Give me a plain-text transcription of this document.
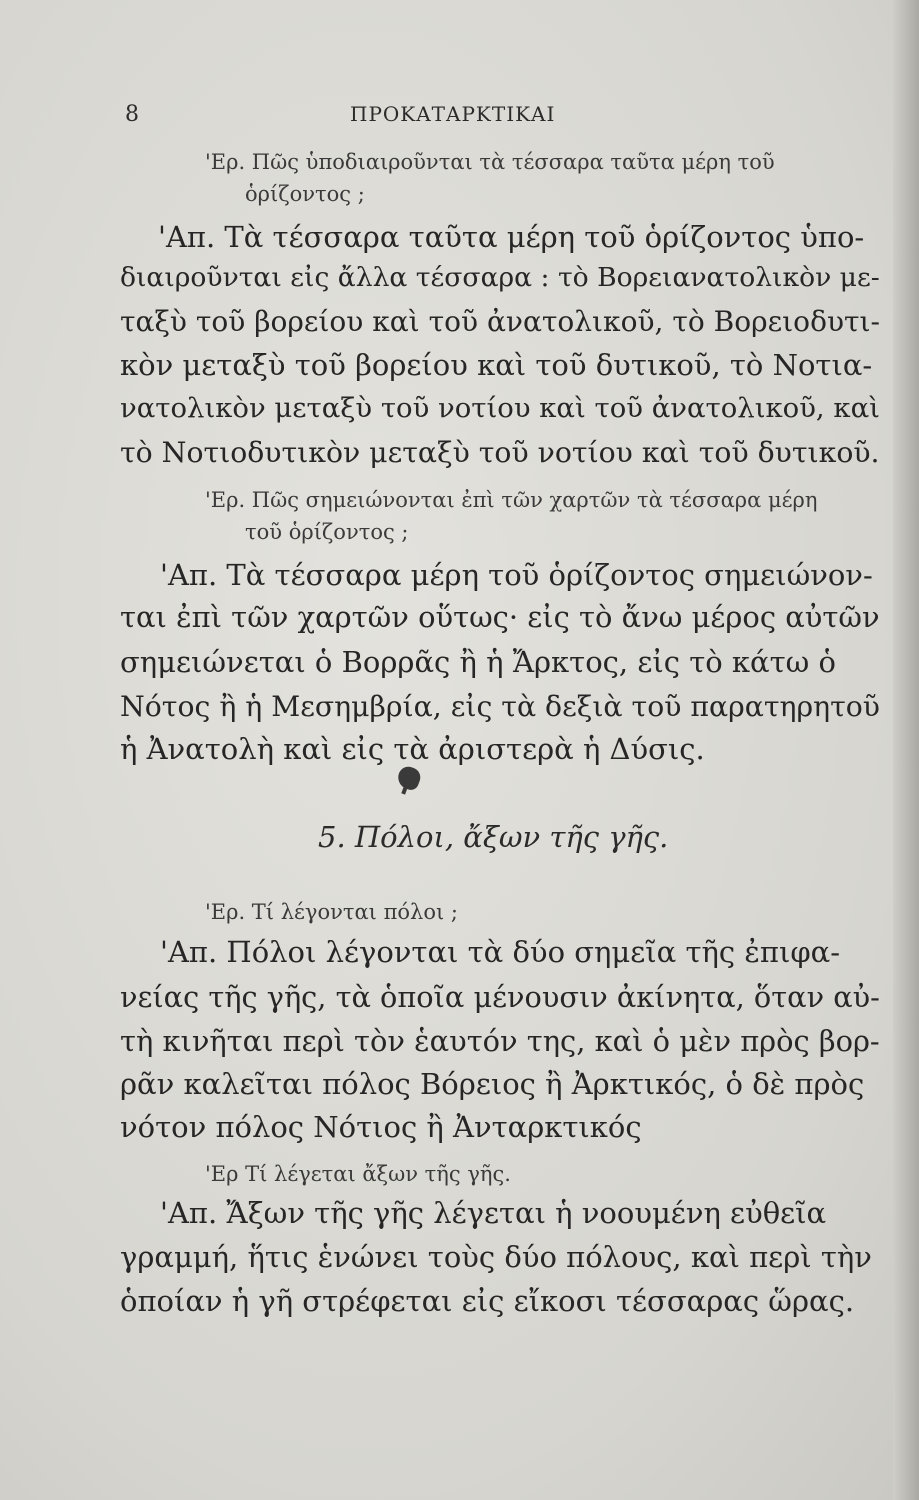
8	ΠΡΟΚΑΤΑΡΚΤΙΚΑΙ
'Ερ. Πῶς ὑποδιαιροῦνται τὰ τέσσαρα ταῦτα μέρη τοῦ
ὁρίζοντος ;
'Απ. Τὰ τέσσαρα ταῦτα μέρη τοῦ ὁρίζοντος ὑπο-
διαιροῦνται εἰς ἄλλα τέσσαρα : τὸ Βορειανατολικὸν με-
ταξὺ τοῦ βορείου καὶ τοῦ ἀνατολικοῦ, τὸ Βορειοδυτι-
κὸν μεταξὺ τοῦ βορείου καὶ τοῦ δυτικοῦ, τὸ Νοτια-
νατολικὸν μεταξὺ τοῦ νοτίου καὶ τοῦ ἀνατολικοῦ, καὶ
τὸ Νοτιοδυτικὸν μεταξὺ τοῦ νοτίου καὶ τοῦ δυτικοῦ.
'Ερ. Πῶς σημειώνονται ἐπὶ τῶν χαρτῶν τὰ τέσσαρα μέρη
τοῦ ὁρίζοντος ;
'Απ. Τὰ τέσσαρα μέρη τοῦ ὁρίζοντος σημειώνον-
ται ἐπὶ τῶν χαρτῶν οὕτως· εἰς τὸ ἄνω μέρος αὐτῶν
σημειώνεται ὁ Βορρᾶς ἢ ἡ Ἄρκτος, εἰς τὸ κάτω ὁ
Νότος ἢ ἡ Μεσημβρία, εἰς τὰ δεξιὰ τοῦ παρατηρητοῦ
ἡ Ἀνατολὴ καὶ εἰς τὰ ἀριστερὰ ἡ Δύσις.
5. Πόλοι, ἄξων τῆς γῆς.
'Ερ. Τί λέγονται πόλοι ;
'Απ. Πόλοι λέγονται τὰ δύο σημεῖα τῆς ἐπιφα-
νείας τῆς γῆς, τὰ ὁποῖα μένουσιν ἀκίνητα, ὅταν αὐ-
τὴ κινῆται περὶ τὸν ἑαυτόν της, καὶ ὁ μὲν πρὸς βορ-
ρᾶν καλεῖται πόλος Βόρειος ἢ Ἀρκτικός, ὁ δὲ πρὸς
νότον πόλος Νότιος ἢ Ἀνταρκτικός
'Ερ Τί λέγεται ἄξων τῆς γῆς.
'Απ. Ἄξων τῆς γῆς λέγεται ἡ νοουμένη εὐθεῖα
γραμμή, ἥτις ἑνώνει τοὺς δύο πόλους, καὶ περὶ τὴν
ὁποίαν ἡ γῆ στρέφεται εἰς εἴκοσι τέσσαρας ὥρας.
